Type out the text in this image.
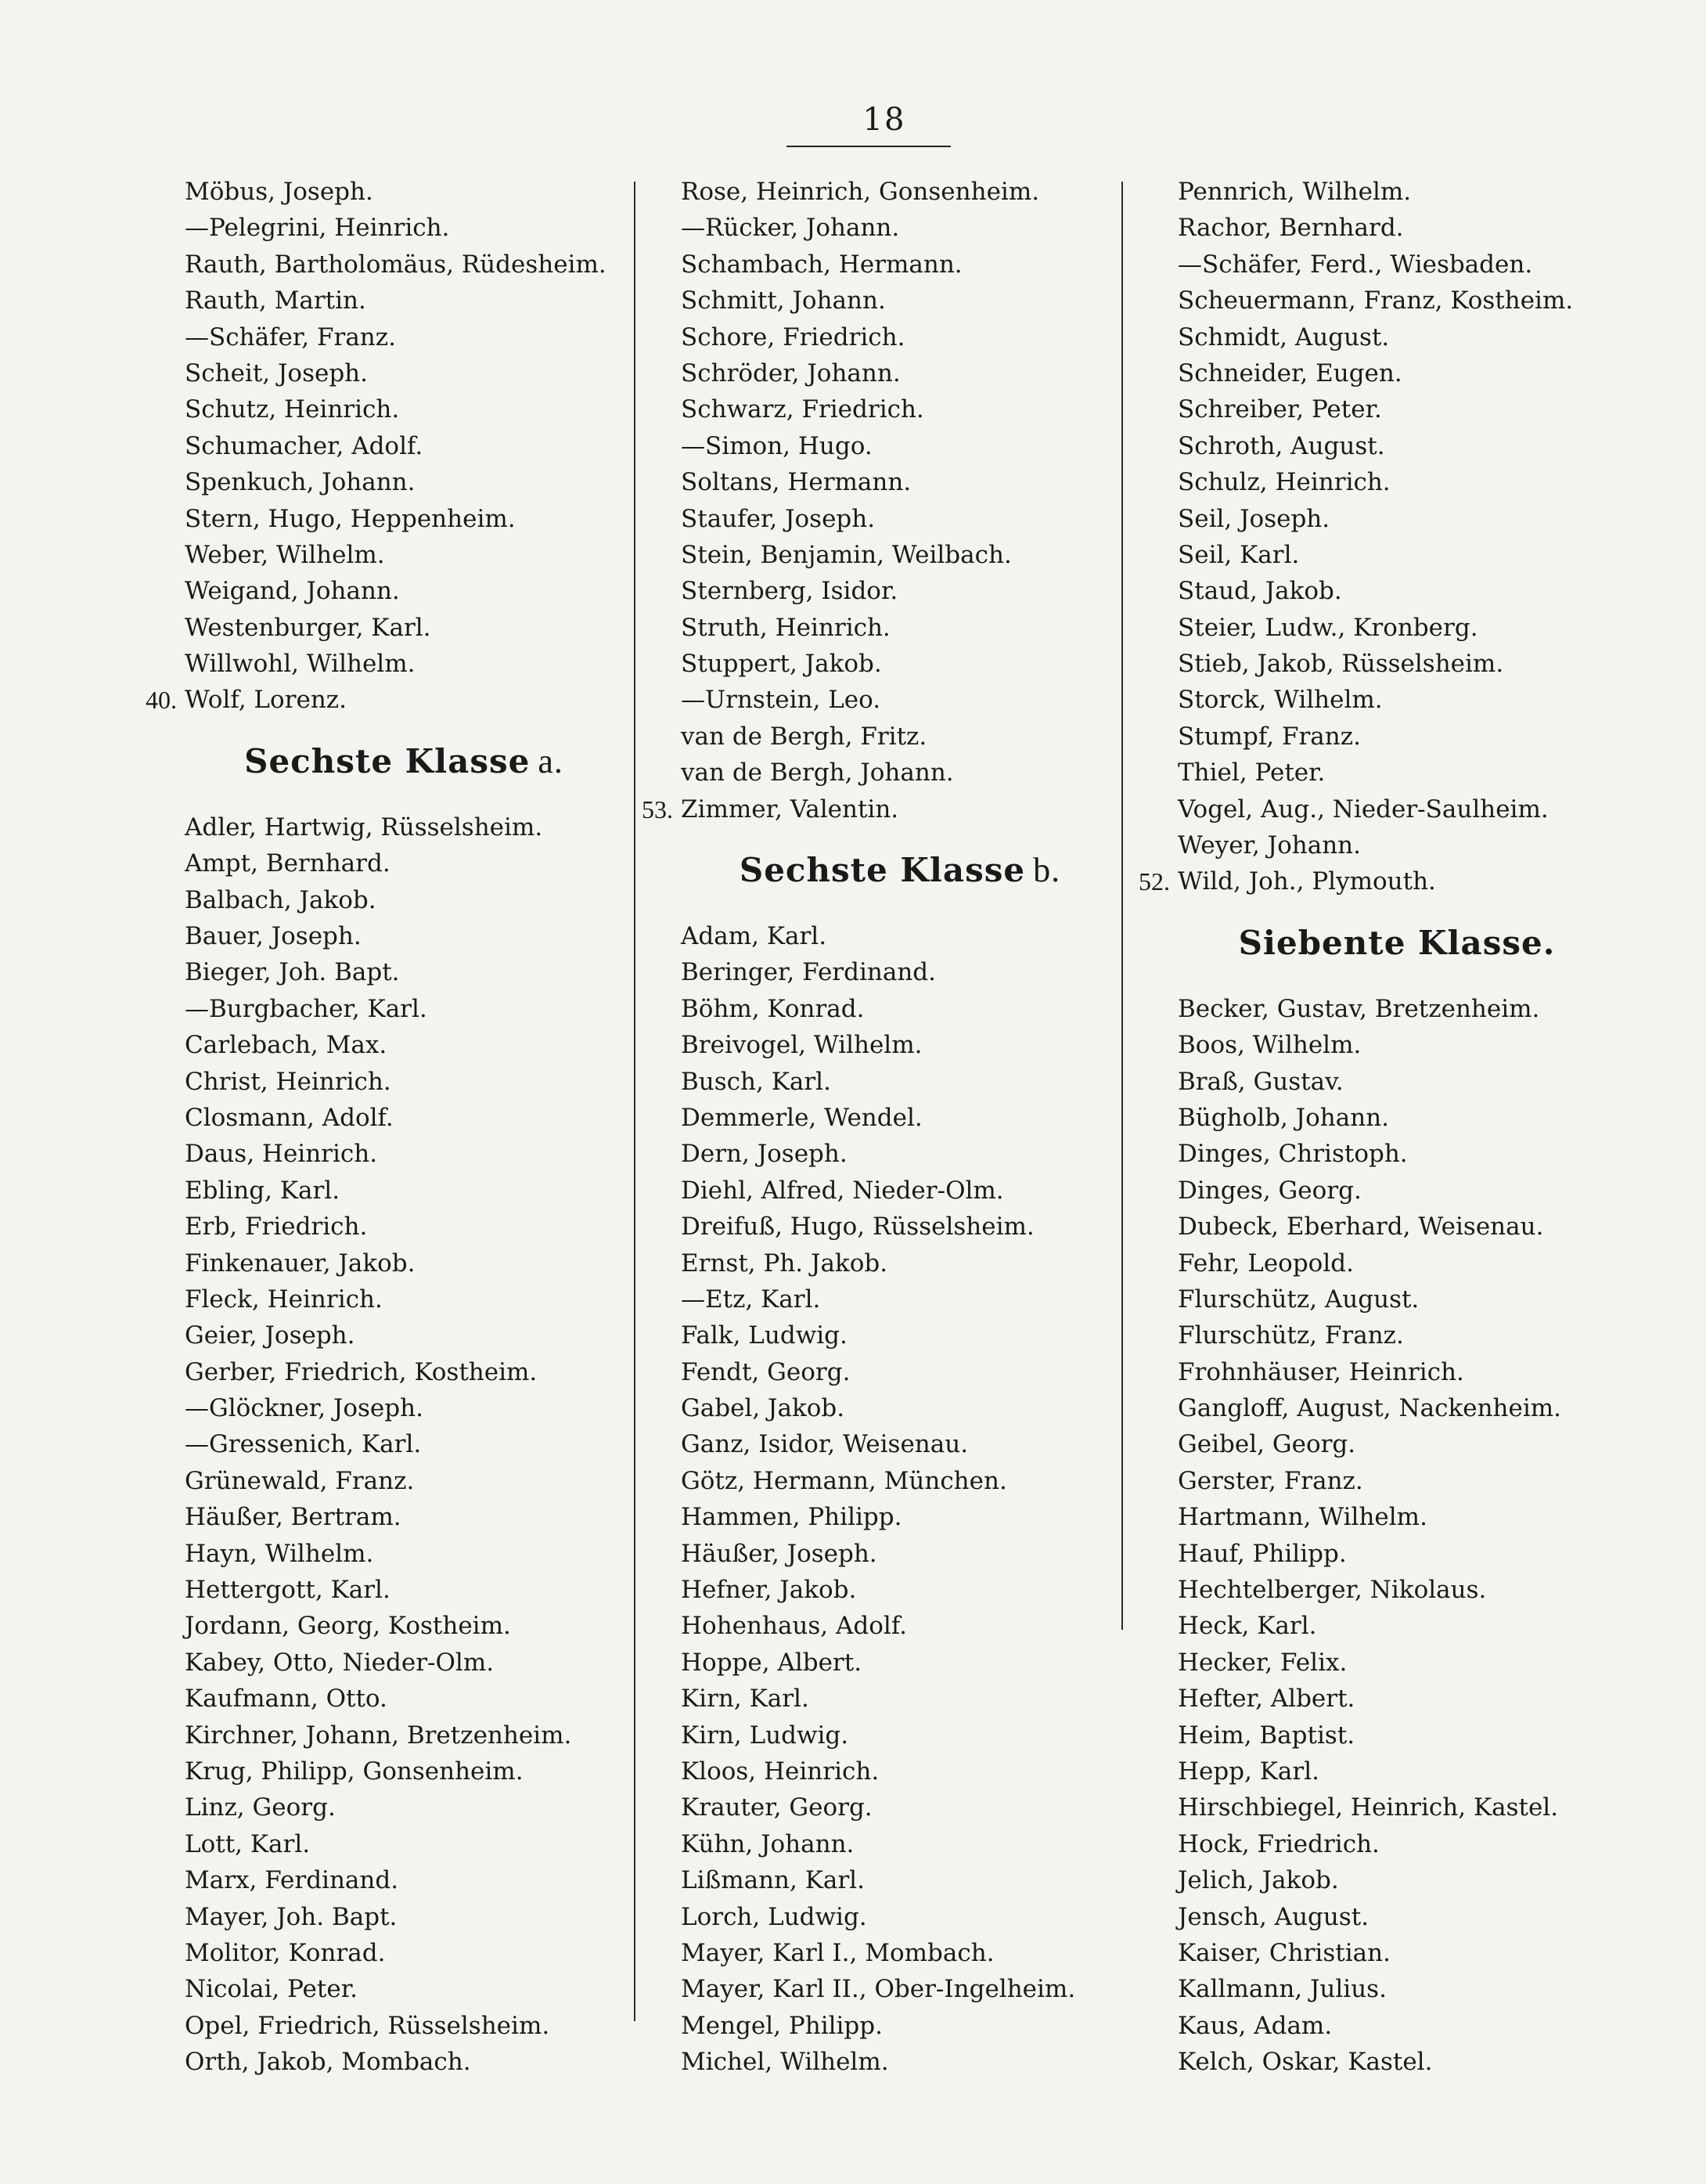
18
Möbus, Joseph.
—Pelegrini, Heinrich.
Rauth, Bartholomäus, Rüdesheim.
Rauth, Martin.
—Schäfer, Franz.
Scheit, Joseph.
Schutz, Heinrich.
Schumacher, Adolf.
Spenkuch, Johann.
Stern, Hugo, Heppenheim.
Weber, Wilhelm.
Weigand, Johann.
Westenburger, Karl.
Willwohl, Wilhelm.
40. Wolf, Lorenz.
Sechste Klasse a.
Adler, Hartwig, Rüsselsheim.
Ampt, Bernhard.
Balbach, Jakob.
Bauer, Joseph.
Bieger, Joh. Bapt.
—Burgbacher, Karl.
Carlebach, Max.
Christ, Heinrich.
Closmann, Adolf.
Daus, Heinrich.
Ebling, Karl.
Erb, Friedrich.
Finkenauer, Jakob.
Fleck, Heinrich.
Geier, Joseph.
Gerber, Friedrich, Kostheim.
—Glöckner, Joseph.
—Gressenich, Karl.
Grünewald, Franz.
Häußer, Bertram.
Hayn, Wilhelm.
Hettergott, Karl.
Jordann, Georg, Kostheim.
Kabey, Otto, Nieder-Olm.
Kaufmann, Otto.
Kirchner, Johann, Bretzenheim.
Krug, Philipp, Gonsenheim.
Linz, Georg.
Lott, Karl.
Marx, Ferdinand.
Mayer, Joh. Bapt.
Molitor, Konrad.
Nicolai, Peter.
Opel, Friedrich, Rüsselsheim.
Orth, Jakob, Mombach.
Rose, Heinrich, Gonsenheim.
—Rücker, Johann.
Schambach, Hermann.
Schmitt, Johann.
Schore, Friedrich.
Schröder, Johann.
Schwarz, Friedrich.
—Simon, Hugo.
Soltans, Hermann.
Staufer, Joseph.
Stein, Benjamin, Weilbach.
Sternberg, Isidor.
Struth, Heinrich.
Stuppert, Jakob.
—Urnstein, Leo.
van de Bergh, Fritz.
van de Bergh, Johann.
53. Zimmer, Valentin.
Sechste Klasse b.
Adam, Karl.
Beringer, Ferdinand.
Böhm, Konrad.
Breivogel, Wilhelm.
Busch, Karl.
Demmerle, Wendel.
Dern, Joseph.
Diehl, Alfred, Nieder-Olm.
Dreifuß, Hugo, Rüsselsheim.
Ernst, Ph. Jakob.
—Etz, Karl.
Falk, Ludwig.
Fendt, Georg.
Gabel, Jakob.
Ganz, Isidor, Weisenau.
Götz, Hermann, München.
Hammen, Philipp.
Häußer, Joseph.
Hefner, Jakob.
Hohenhaus, Adolf.
Hoppe, Albert.
Kirn, Karl.
Kirn, Ludwig.
Kloos, Heinrich.
Krauter, Georg.
Kühn, Johann.
Lißmann, Karl.
Lorch, Ludwig.
Mayer, Karl I., Mombach.
Mayer, Karl II., Ober-Ingelheim.
Mengel, Philipp.
Michel, Wilhelm.
Pennrich, Wilhelm.
Rachor, Bernhard.
—Schäfer, Ferd., Wiesbaden.
Scheuermann, Franz, Kostheim.
Schmidt, August.
Schneider, Eugen.
Schreiber, Peter.
Schroth, August.
Schulz, Heinrich.
Seil, Joseph.
Seil, Karl.
Staud, Jakob.
Steier, Ludw., Kronberg.
Stieb, Jakob, Rüsselsheim.
Storck, Wilhelm.
Stumpf, Franz.
Thiel, Peter.
Vogel, Aug., Nieder-Saulheim.
Weyer, Johann.
52. Wild, Joh., Plymouth.
Siebente Klasse.
Becker, Gustav, Bretzenheim.
Boos, Wilhelm.
Braß, Gustav.
Bügholb, Johann.
Dinges, Christoph.
Dinges, Georg.
Dubeck, Eberhard, Weisenau.
Fehr, Leopold.
Flurschütz, August.
Flurschütz, Franz.
Frohnhäuser, Heinrich.
Gangloff, August, Nackenheim.
Geibel, Georg.
Gerster, Franz.
Hartmann, Wilhelm.
Hauf, Philipp.
Hechtelberger, Nikolaus.
Heck, Karl.
Hecker, Felix.
Hefter, Albert.
Heim, Baptist.
Hepp, Karl.
Hirschbiegel, Heinrich, Kastel.
Hock, Friedrich.
Jelich, Jakob.
Jensch, August.
Kaiser, Christian.
Kallmann, Julius.
Kaus, Adam.
Kelch, Oskar, Kastel.
